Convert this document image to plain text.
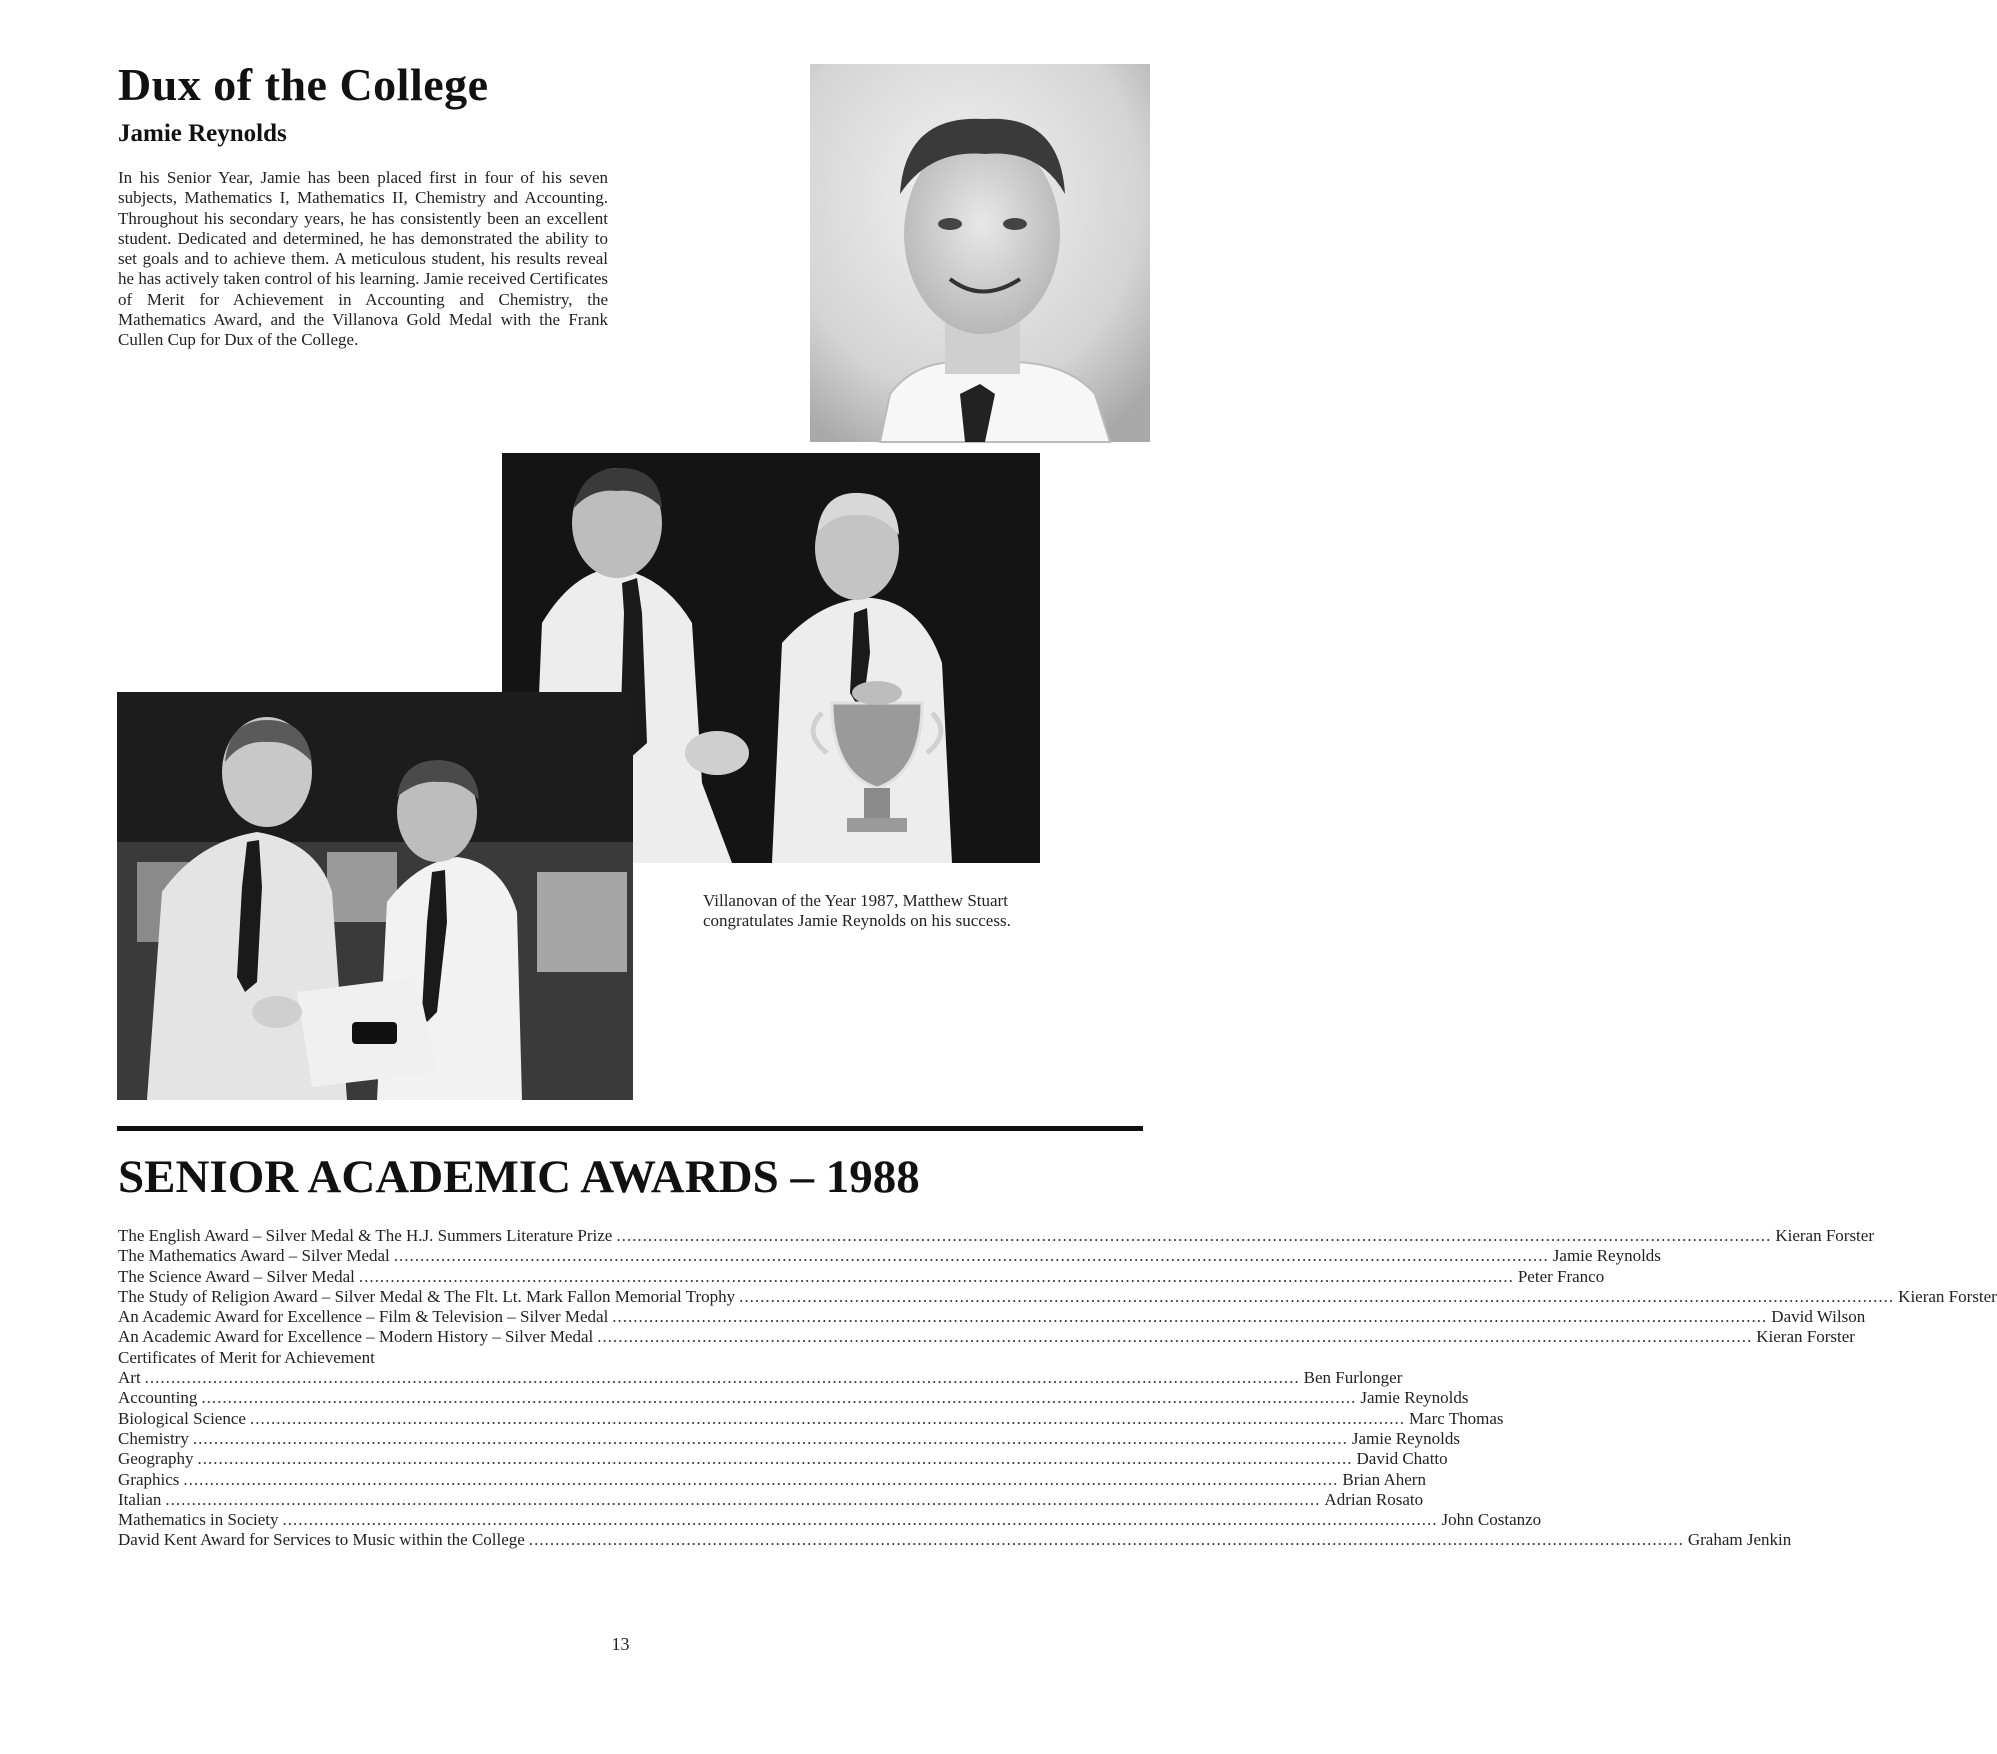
Dux of the College
Jamie Reynolds

In his Senior Year, Jamie has been placed first in four of his seven subjects, Mathematics I, Mathematics II, Chemistry and Accounting. Throughout his secondary years, he has consistently been an excellent student. Dedicated and determined, he has demonstrated the ability to set goals and to achieve them. A meticulous student, his results reveal he has actively taken control of his learning. Jamie received Certificates of Merit for Achievement in Accounting and Chemistry, the Mathematics Award, and the Villanova Gold Medal with the Frank Cullen Cup for Dux of the College.

Villanovan of the Year 1987, Matthew Stuart congratulates Jamie Reynolds on his success.

SENIOR ACADEMIC AWARDS – 1988
The English Award – Silver Medal & The H.J. Summers Literature Prize ............................................................................................................................................................................................................................ Kieran Forster
The Mathematics Award – Silver Medal ............................................................................................................................................................................................................................ Jamie Reynolds
The Science Award – Silver Medal ............................................................................................................................................................................................................................ Peter Franco
The Study of Religion Award – Silver Medal & The Flt. Lt. Mark Fallon Memorial Trophy ............................................................................................................................................................................................................................ Kieran Forster
An Academic Award for Excellence – Film & Television – Silver Medal ............................................................................................................................................................................................................................ David Wilson
An Academic Award for Excellence – Modern History – Silver Medal ............................................................................................................................................................................................................................ Kieran Forster
Certificates of Merit for Achievement
Art ............................................................................................................................................................................................................................ Ben Furlonger
Accounting ............................................................................................................................................................................................................................ Jamie Reynolds
Biological Science ............................................................................................................................................................................................................................ Marc Thomas
Chemistry ............................................................................................................................................................................................................................ Jamie Reynolds
Geography ............................................................................................................................................................................................................................ David Chatto
Graphics ............................................................................................................................................................................................................................ Brian Ahern
Italian ............................................................................................................................................................................................................................ Adrian Rosato
Mathematics in Society ............................................................................................................................................................................................................................ John Costanzo
David Kent Award for Services to Music within the College ............................................................................................................................................................................................................................ Graham Jenkin
13
